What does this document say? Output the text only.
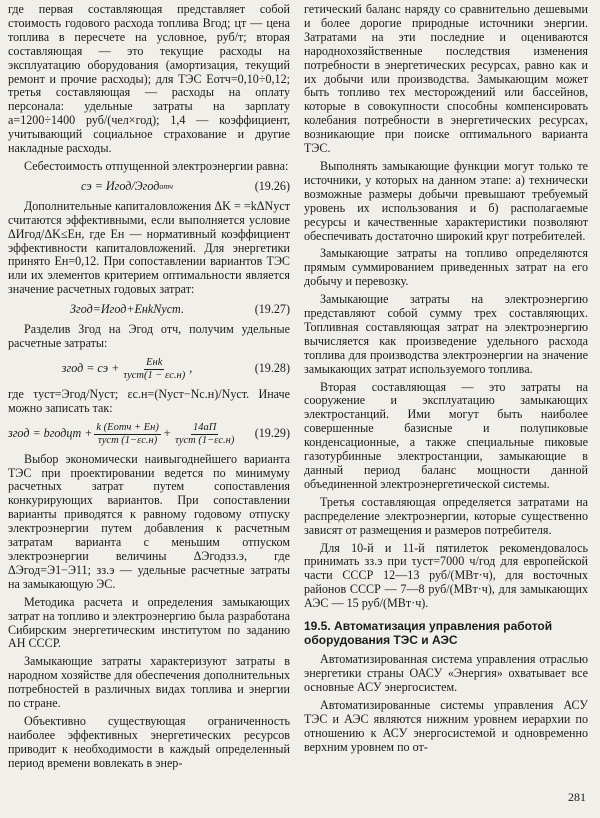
где первая составляющая представляет собой стоимость годового расхода топлива Bгод; цт — цена топлива в пересчете на условное, руб/т; вторая составляющая — это текущие расходы на эксплуатацию оборудования (амортизация, текущий ремонт и прочие расходы); для ТЭС Еотч=0,10÷0,12; третья составляющая — расходы на оплату персонала: удельные затраты на зарплату а=1200÷1400 руб/(чел×год); 1,4 — коэффициент, учитывающий социальное страхование и другие накладные расходы.

Себестоимость отпущенной электроэнергии равна:

cэ = Игод/Эгод отч	(19.26)

Дополнительные капиталовложения ΔK = =kΔNуст считаются эффективными, если выполняется условие ΔИгод/ΔK≤Ен, где Ен — нормативный коэффициент эффективности капиталовложений. Для энергетики принято Ен=0,12. При сопоставлении вариантов ТЭС или их элементов критерием оптимальности является значение расчетных годовых затрат:

Згод=Игод+ЕнkNуст.	(19.27)

Разделив Згод на Эгод отч, получим удельные расчетные затраты:

згод = cэ + $\frac{\text{Енk}}{\text{τуст(1 − εс.н)}}$ ,	(19.28)

где τуст=Эгод/Nуст; εс.н=(Nуст−Nс.н)/Nуст. Иначе можно записать так:

згод = bгодцт + $\frac{\text{k (Еотч + Ен)}}{\text{τуст (1−εс.н)}} + \frac{14aП}{\text{τуст (1−εс.н)}} (19.29)$

Выбор экономически наивыгоднейшего варианта ТЭС при проектировании ведется по минимуму расчетных затрат путем сопоставления конкурирующих вариантов. При сопоставлении варианты приводятся к равному годовому отпуску электроэнергии путем добавления к расчетным затратам варианта с меньшим отпуском электроэнергии величины ΔЭгодзз.э, где ΔЭгод=Э1−Э11; зз.э — удельные расчетные затраты на замыкающую ЭС.

Методика расчета и определения замыкающих затрат на топливо и электроэнергию была разработана Сибирским энергетическим институтом по заданию АН СССР.

Замыкающие затраты характеризуют затраты в народном хозяйстве для обеспечения дополнительных потребностей в различных видах топлива и энергии по стране.

Объективно существующая ограниченность наиболее эффективных энергетических ресурсов приводит к необходимости в каждый определенный период времени вовлекать в энер-

гетический баланс наряду со сравнительно дешевыми и более дорогие природные источники энергии. Затратами на эти последние и оцениваются народнохозяйственные последствия изменения потребности в энергетических ресурсах, равно как и их добычи или производства. Замыкающим может быть топливо тех месторождений или бассейнов, которые в совокупности способны компенсировать колебания потребности в энергетических ресурсах, возникающие при поиске оптимального варианта ТЭС.

Выполнять замыкающие функции могут только те источники, у которых на данном этапе: а) технически возможные размеры добычи превышают требуемый уровень их использования и б) располагаемые ресурсы и качественные характеристики позволяют обеспечивать достаточно широкий круг потребителей.

Замыкающие затраты на топливо определяются прямым суммированием приведенных затрат на его добычу и перевозку.

Замыкающие затраты на электроэнергию представляют собой сумму трех составляющих. Топливная составляющая затрат на электроэнергию вычисляется как произведение удельного расхода топлива для производства электроэнергии на значение замыкающих затрат используемого топлива.

Вторая составляющая — это затраты на сооружение и эксплуатацию замыкающих электростанций. Ими могут быть наиболее совершенные базисные и полупиковые конденсационные, а также специальные пиковые газотурбинные электростанции, замыкающие в данный период баланс мощности данной объединенной электроэнергетической системы.

Третья составляющая определяется затратами на распределение электроэнергии, которые существенно зависят от размещения и размеров потребителя.

Для 10-й и 11-й пятилеток рекомендовалось принимать зз.э при τуст=7000 ч/год для европейской части СССР 12—13 руб/(МВт·ч), для восточных районов СССР — 7—8 руб/(МВт·ч), для замыкающих АЭС — 15 руб/(МВт·ч).

19.5. Автоматизация управления работой оборудования ТЭС и АЭС

Автоматизированная система управления отраслью энергетики страны ОАСУ «Энергия» охватывает все основные АСУ энергосистем.

Автоматизированные системы управления АСУ ТЭС и АЭС являются нижним уровнем иерархии по отношению к АСУ энергосистемой и одновременно верхним уровнем по от-

281
